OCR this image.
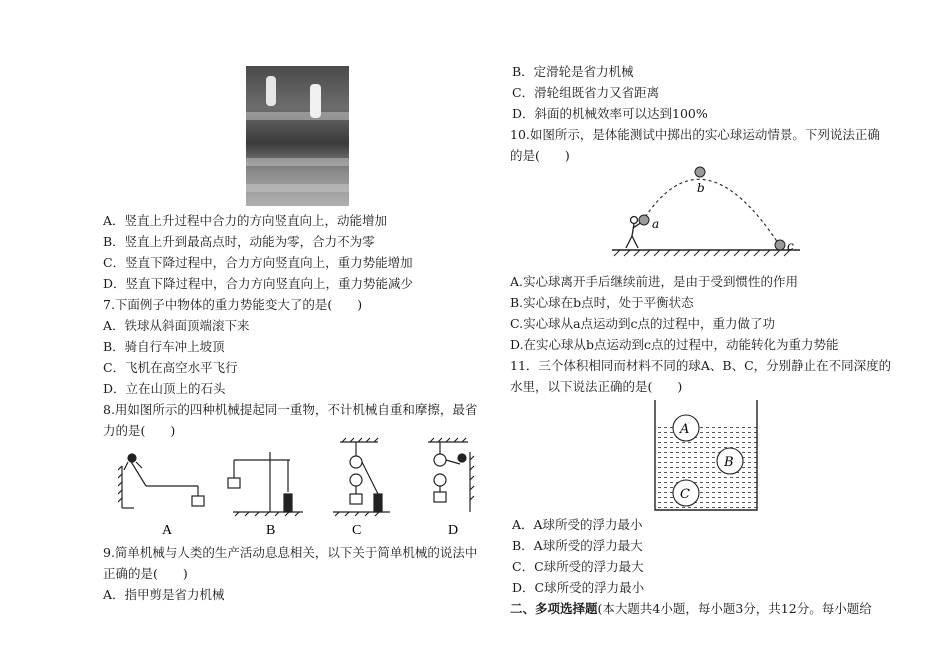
A．竖直上升过程中合力的方向竖直向上，动能增加
B．竖直上升到最高点时，动能为零，合力不为零
C．竖直下降过程中，合力方向竖直向上，重力势能增加
D．竖直下降过程中，合力方向竖直向上，重力势能减少
7.下面例子中物体的重力势能变大了的是(　　)
A．铁球从斜面顶端滚下来
B．骑自行车冲上坡顶
C．飞机在高空水平飞行
D．立在山顶上的石头
8.用如图所示的四种机械提起同一重物，不计机械自重和摩擦，最省
力的是(　　)
A	B	C	D
9.简单机械与人类的生产活动息息相关，以下关于简单机械的说法中
正确的是(　　)
A．指甲剪是省力机械
B．定滑轮是省力机械
C．滑轮组既省力又省距离
D．斜面的机械效率可以达到100%
10.如图所示，是体能测试中掷出的实心球运动情景。下列说法正确
的是(　　)
a
b
c
A.实心球离开手后继续前进，是由于受到惯性的作用
B.实心球在b点时，处于平衡状态
C.实心球从a点运动到c点的过程中，重力做了功
D.在实心球从b点运动到c点的过程中，动能转化为重力势能
11．三个体积相同而材料不同的球A、B、C，分别静止在不同深度的
水里，以下说法正确的是(　　)
A
B
C
A．A球所受的浮力最小
B．A球所受的浮力最大
C．C球所受的浮力最大
D．C球所受的浮力最小
二、多项选择题(本大题共4小题，每小题3分，共12分。每小题给
